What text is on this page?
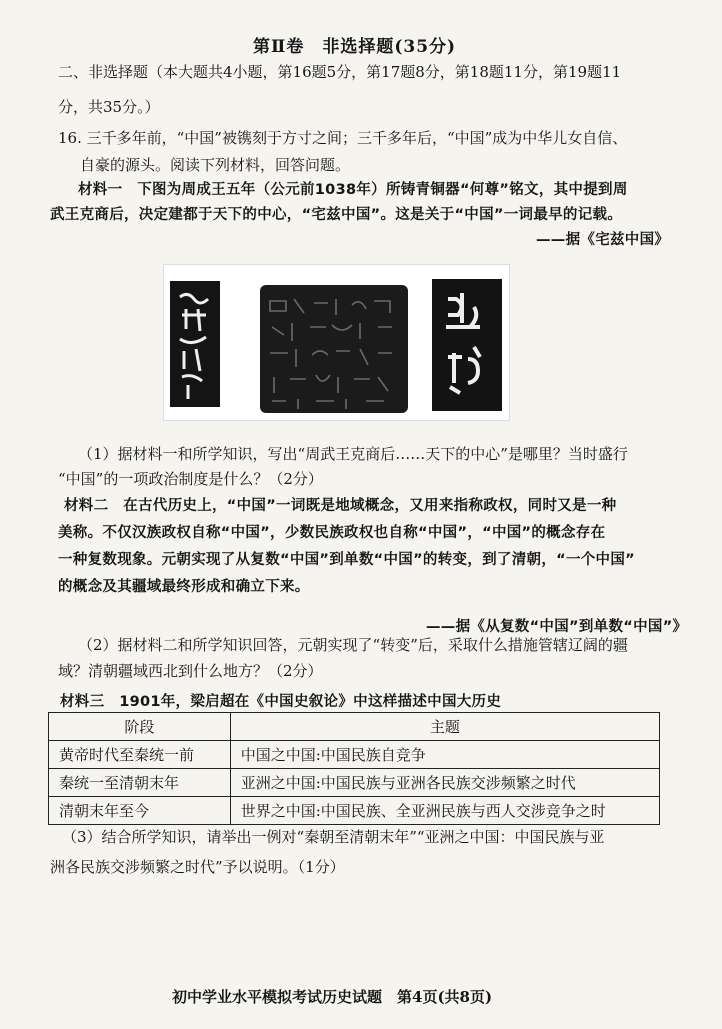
第Ⅱ卷　非选择题(35分)
二、非选择题（本大题共4小题，第16题5分，第17题8分，第18题11分，第19题11
分，共35分。）
16. 三千多年前，“中国”被镌刻于方寸之间；三千多年后，“中国”成为中华儿女自信、
自豪的源头。阅读下列材料，回答问题。
材料一　下图为周成王五年（公元前1038年）所铸青铜器“何尊”铭文，其中提到周
武王克商后，决定建都于天下的中心，“宅兹中国”。这是关于“中国”一词最早的记载。
——据《宅兹中国》
（1）据材料一和所学知识，写出“周武王克商后……天下的中心”是哪里？当时盛行
“中国”的一项政治制度是什么？（2分）
材料二　在古代历史上，“中国”一词既是地域概念，又用来指称政权，同时又是一种
美称。不仅汉族政权自称“中国”，少数民族政权也自称“中国”，“中国”的概念存在
一种复数现象。元朝实现了从复数“中国”到单数“中国”的转变，到了清朝，“一个中国”
的概念及其疆域最终形成和确立下来。
——据《从复数“中国”到单数“中国”》
（2）据材料二和所学知识回答，元朝实现了“转变”后，采取什么措施管辖辽阔的疆
域？清朝疆域西北到什么地方？（2分）
材料三　1901年，梁启超在《中国史叙论》中这样描述中国大历史
阶段	主题
黄帝时代至秦统一前	中国之中国:中国民族自竞争
秦统一至清朝末年	亚洲之中国:中国民族与亚洲各民族交涉频繁之时代
清朝末年至今	世界之中国:中国民族、全亚洲民族与西人交涉竞争之时
（3）结合所学知识，请举出一例对“秦朝至清朝末年”“亚洲之中国：中国民族与亚
洲各民族交涉频繁之时代”予以说明。（1分）
初中学业水平模拟考试历史试题　第4页(共8页)
